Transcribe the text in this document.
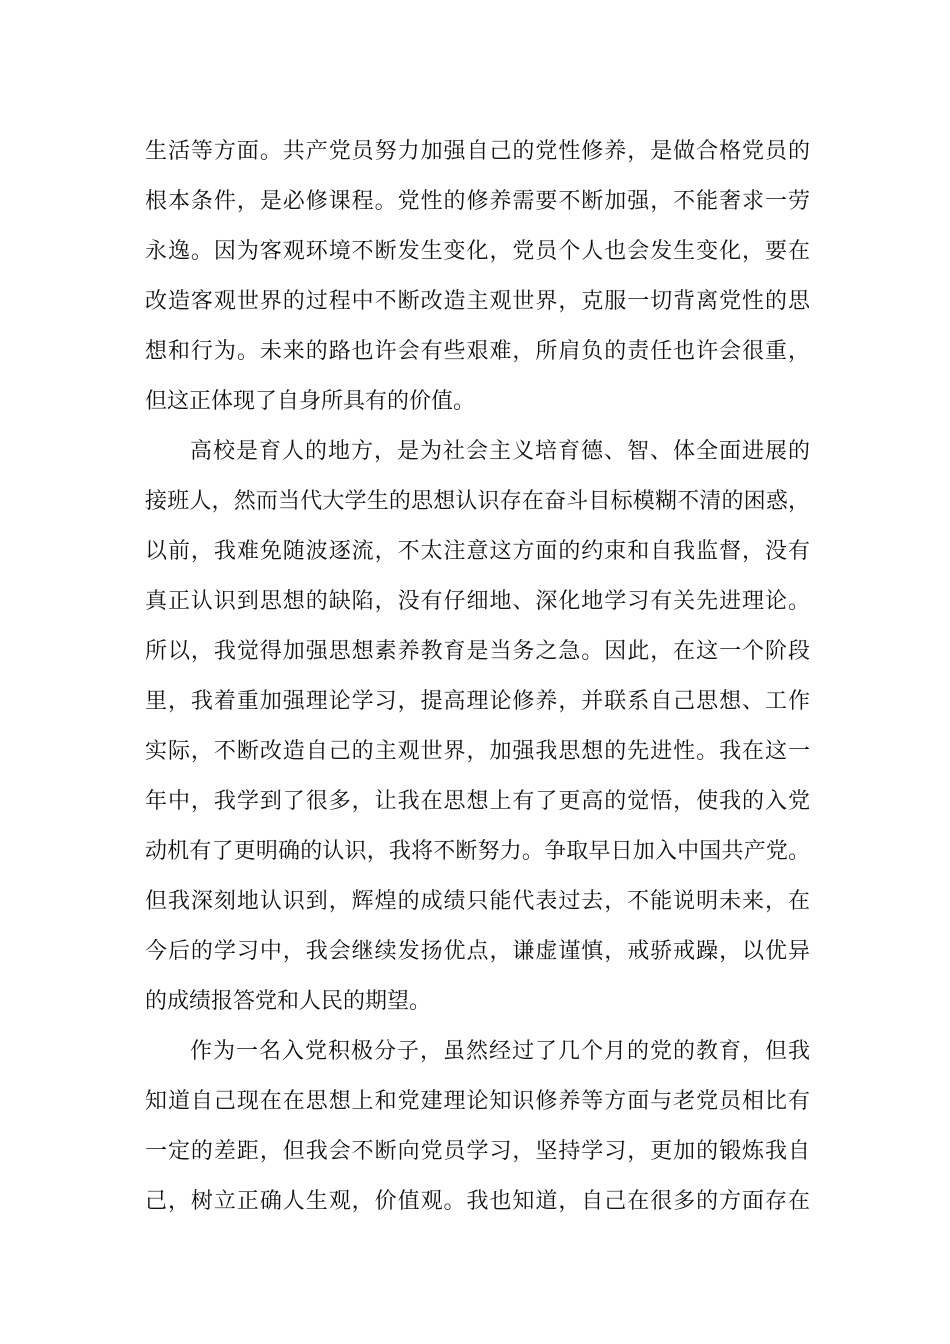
生活等方面。共产党员努力加强自己的党性修养，是做合格党员的
根本条件，是必修课程。党性的修养需要不断加强，不能奢求一劳
永逸。因为客观环境不断发生变化，党员个人也会发生变化，要在
改造客观世界的过程中不断改造主观世界，克服一切背离党性的思
想和行为。未来的路也许会有些艰难，所肩负的责任也许会很重，
但这正体现了自身所具有的价值。
高校是育人的地方，是为社会主义培育德、智、体全面进展的
接班人，然而当代大学生的思想认识存在奋斗目标模糊不清的困惑，
以前，我难免随波逐流，不太注意这方面的约束和自我监督，没有
真正认识到思想的缺陷，没有仔细地、深化地学习有关先进理论。
所以，我觉得加强思想素养教育是当务之急。因此，在这一个阶段
里，我着重加强理论学习，提高理论修养，并联系自己思想、工作
实际，不断改造自己的主观世界，加强我思想的先进性。我在这一
年中，我学到了很多，让我在思想上有了更高的觉悟，使我的入党
动机有了更明确的认识，我将不断努力。争取早日加入中国共产党。
但我深刻地认识到，辉煌的成绩只能代表过去，不能说明未来，在
今后的学习中，我会继续发扬优点，谦虚谨慎，戒骄戒躁，以优异
的成绩报答党和人民的期望。
作为一名入党积极分子，虽然经过了几个月的党的教育，但我
知道自己现在在思想上和党建理论知识修养等方面与老党员相比有
一定的差距，但我会不断向党员学习，坚持学习，更加的锻炼我自
己，树立正确人生观，价值观。我也知道，自己在很多的方面存在
